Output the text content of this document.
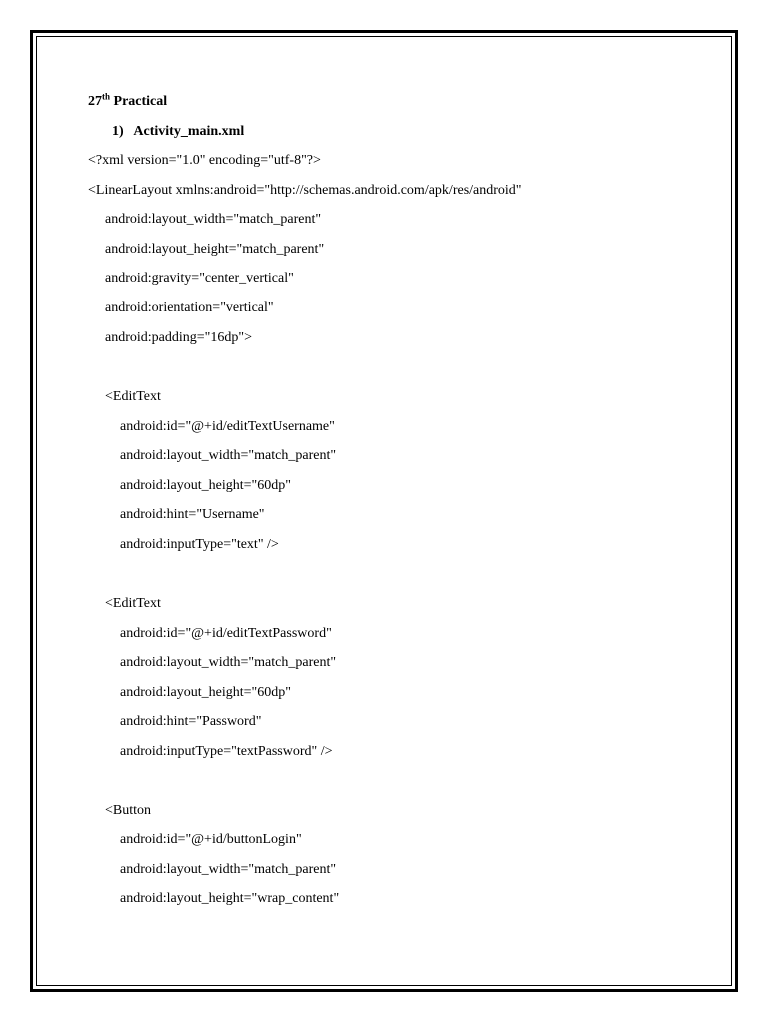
27th Practical
1) Activity_main.xml
<?xml version="1.0" encoding="utf-8"?>
<LinearLayout xmlns:android="http://schemas.android.com/apk/res/android"
android:layout_width="match_parent"
android:layout_height="match_parent"
android:gravity="center_vertical"
android:orientation="vertical"
android:padding="16dp">
<EditText
android:id="@+id/editTextUsername"
android:layout_width="match_parent"
android:layout_height="60dp"
android:hint="Username"
android:inputType="text" />
<EditText
android:id="@+id/editTextPassword"
android:layout_width="match_parent"
android:layout_height="60dp"
android:hint="Password"
android:inputType="textPassword" />
<Button
android:id="@+id/buttonLogin"
android:layout_width="match_parent"
android:layout_height="wrap_content"
